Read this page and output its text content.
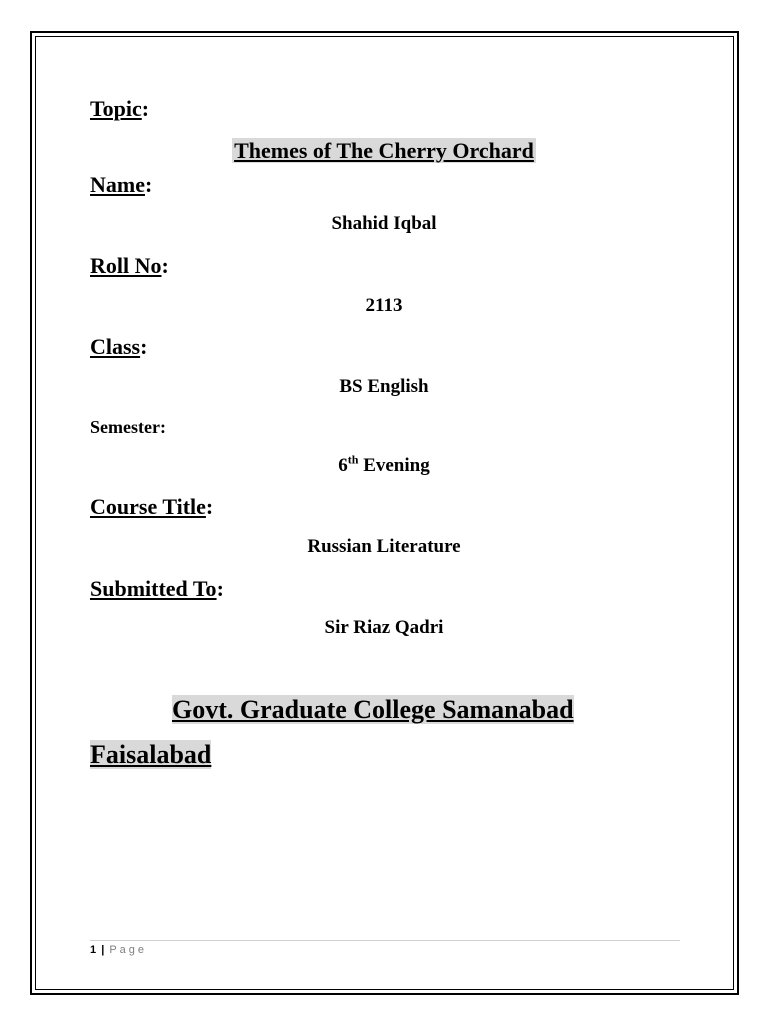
Topic:
Themes of The Cherry Orchard
Name:
Shahid Iqbal
Roll No:
2113
Class:
BS English
Semester:
6th Evening
Course Title:
Russian Literature
Submitted To:
Sir Riaz Qadri
Govt. Graduate College Samanabad
Faisalabad
1 | Page
